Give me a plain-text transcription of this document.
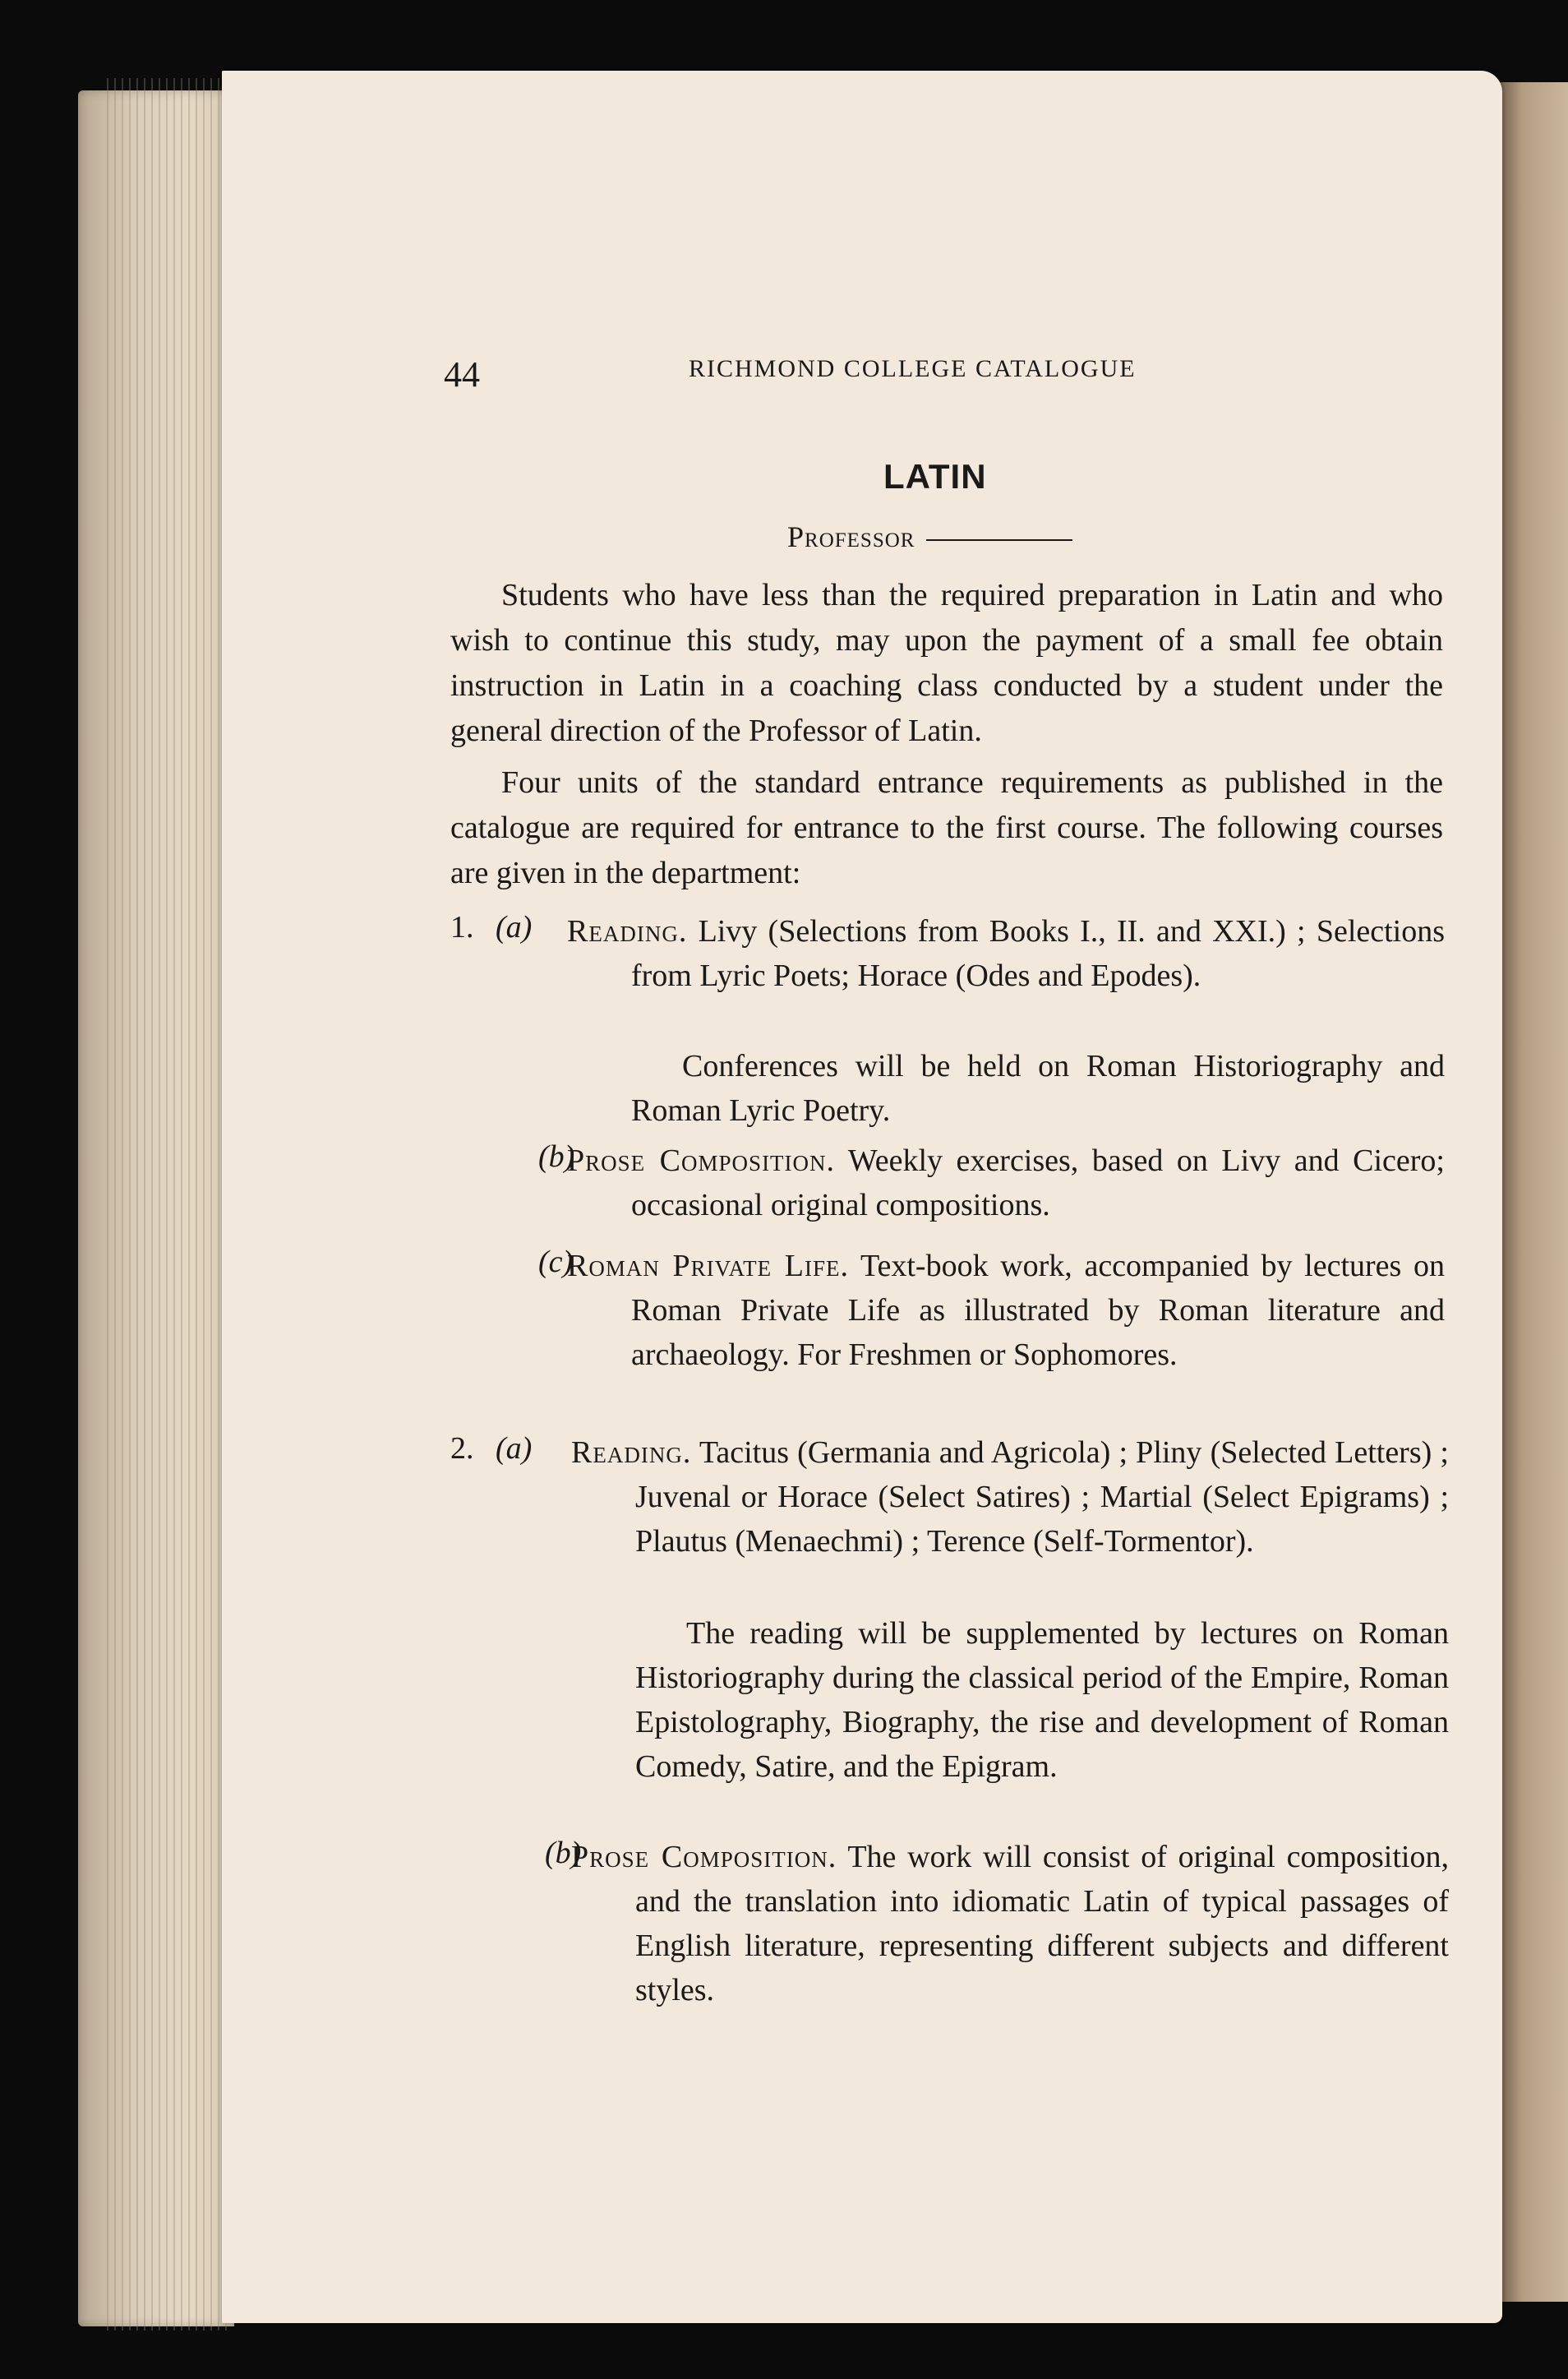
44	RICHMOND COLLEGE CATALOGUE
LATIN
Professor
Students who have less than the required preparation in Latin and who wish to continue this study, may upon the payment of a small fee obtain instruction in Latin in a coaching class conducted by a student under the general direction of the Professor of Latin.
Four units of the standard entrance requirements as published in the catalogue are required for entrance to the first course. The following courses are given in the department:
1. (a) Reading. Livy (Selections from Books I., II. and XXI.) ; Selections from Lyric Poets; Horace (Odes and Epodes).
Conferences will be held on Roman Historiography and Roman Lyric Poetry.
(b)
Prose Composition. Weekly exercises, based on Livy and Cicero; occasional original compositions.
(c)
Roman Private Life. Text-book work, accompanied by lectures on Roman Private Life as illustrated by Roman literature and archaeology. For Freshmen or Sophomores.
2. (a) Reading. Tacitus (Germania and Agricola) ; Pliny (Selected Letters) ; Juvenal or Horace (Select Satires) ; Martial (Select Epigrams) ; Plautus (Menaechmi) ; Terence (Self-Tormentor).
The reading will be supplemented by lectures on Roman Historiography during the classical period of the Empire, Roman Epistolography, Biography, the rise and development of Roman Comedy, Satire, and the Epigram.
(b)
Prose Composition. The work will consist of original composition, and the translation into idiomatic Latin of typical passages of English literature, representing different subjects and different styles.
